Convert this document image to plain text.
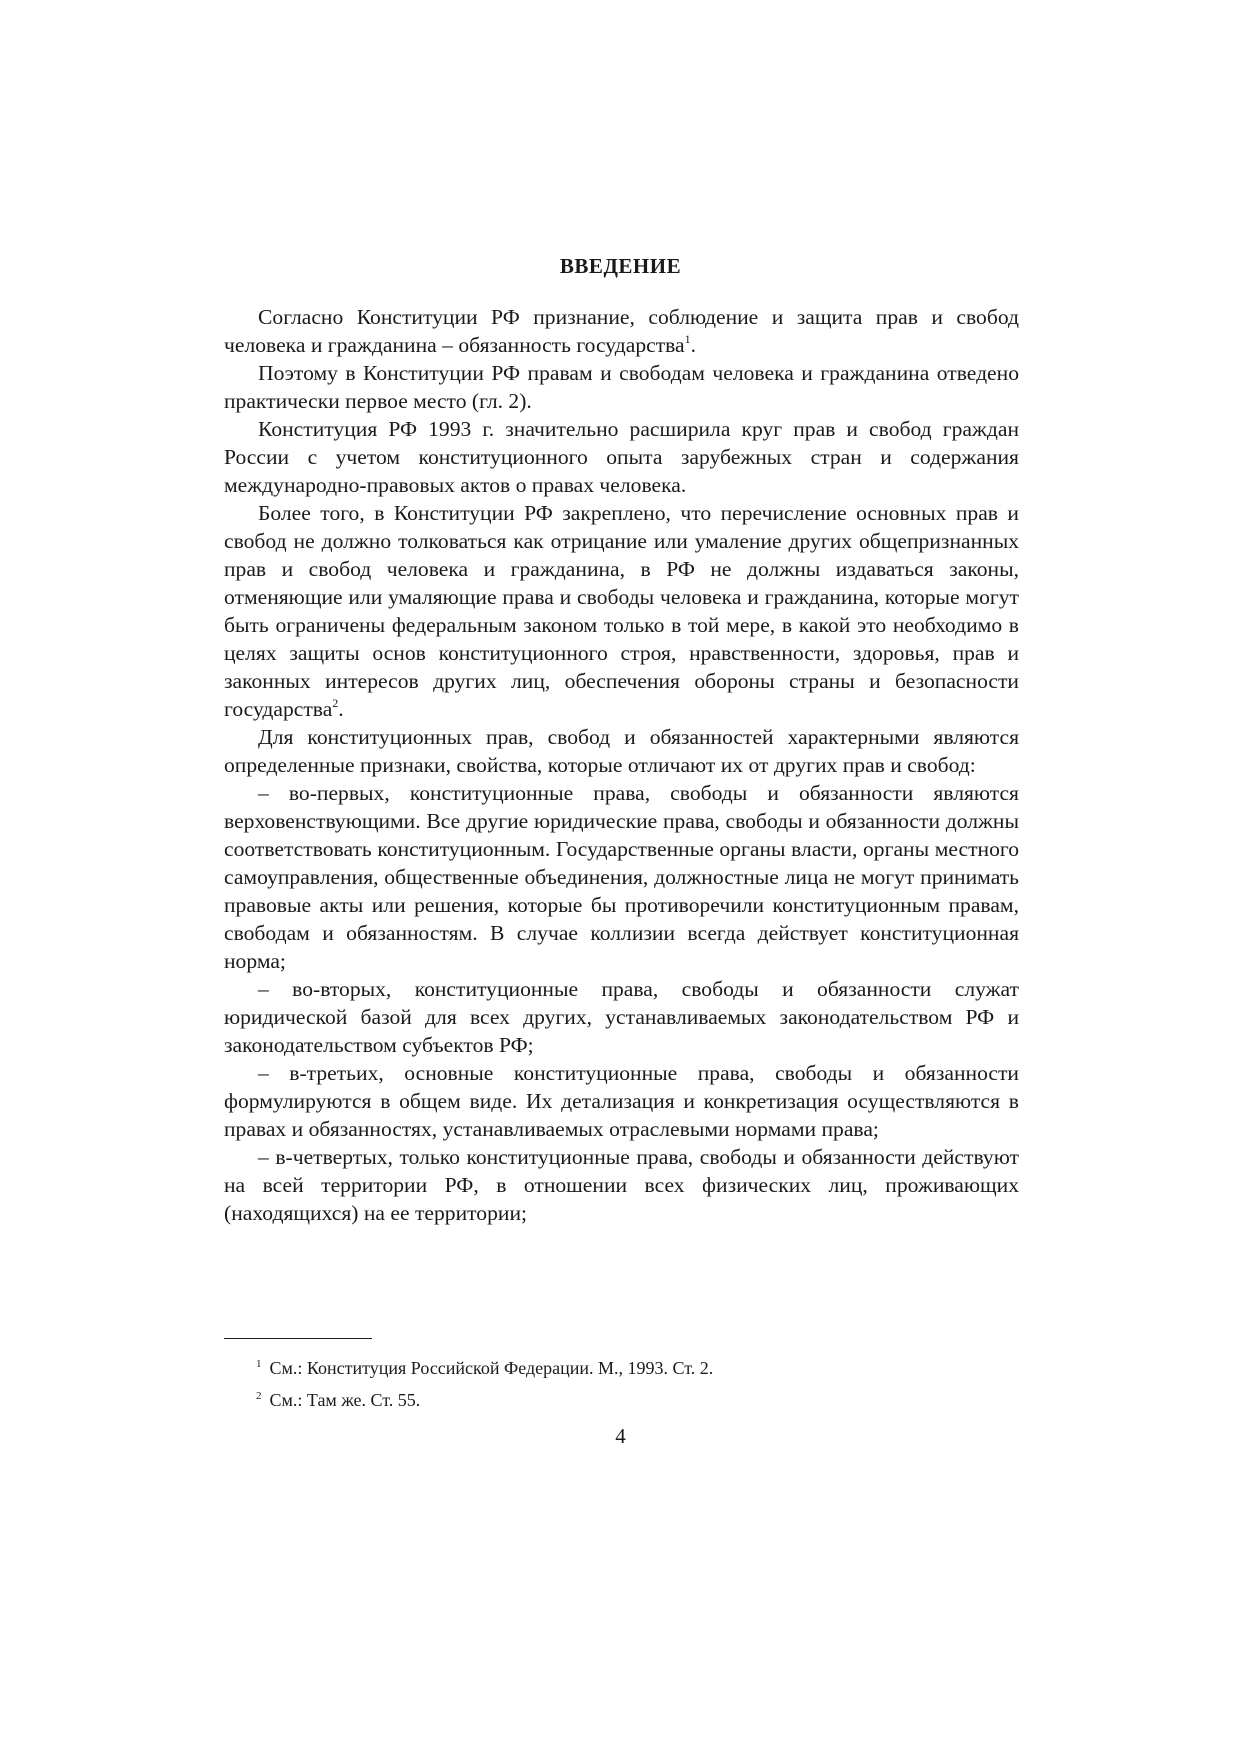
ВВЕДЕНИЕ

Согласно Конституции РФ признание, соблюдение и защита прав и свобод человека и гражданина – обязанность государства$^1$.

Поэтому в Конституции РФ правам и свободам человека и гражданина отведено практически первое место (гл. 2).

Конституция РФ 1993 г. значительно расширила круг прав и свобод граждан России с учетом конституционного опыта зарубежных стран и содержания международно-правовых актов о правах человека.

Более того, в Конституции РФ закреплено, что перечисление основных прав и свобод не должно толковаться как отрицание или умаление других общепризнанных прав и свобод человека и гражданина, в РФ не должны издаваться законы, отменяющие или умаляющие права и свободы человека и гражданина, которые могут быть ограничены федеральным законом только в той мере, в какой это необходимо в целях защиты основ конституционного строя, нравственности, здоровья, прав и законных интересов других лиц, обеспечения обороны страны и безопасности государства$^2$.

Для конституционных прав, свобод и обязанностей характерными являются определенные признаки, свойства, которые отличают их от других прав и свобод:

– во-первых, конституционные права, свободы и обязанности являются верховенствующими. Все другие юридические права, свободы и обязанности должны соответствовать конституционным. Государственные органы власти, органы местного самоуправления, общественные объединения, должностные лица не могут принимать правовые акты или решения, которые бы противоречили конституционным правам, свободам и обязанностям. В случае коллизии всегда действует конституционная норма;

– во-вторых, конституционные права, свободы и обязанности служат юридической базой для всех других, устанавливаемых законодательством РФ и законодательством субъектов РФ;

– в-третьих, основные конституционные права, свободы и обязанности формулируются в общем виде. Их детализация и конкретизация осуществляются в правах и обязанностях, устанавливаемых отраслевыми нормами права;

– в-четвертых, только конституционные права, свободы и обязанности действуют на всей территории РФ, в отношении всех физических лиц, проживающих (находящихся) на ее территории;

$^1$ См.: Конституция Российской Федерации. М., 1993. Ст. 2.

$^2$ См.: Там же. Ст. 55.

4
